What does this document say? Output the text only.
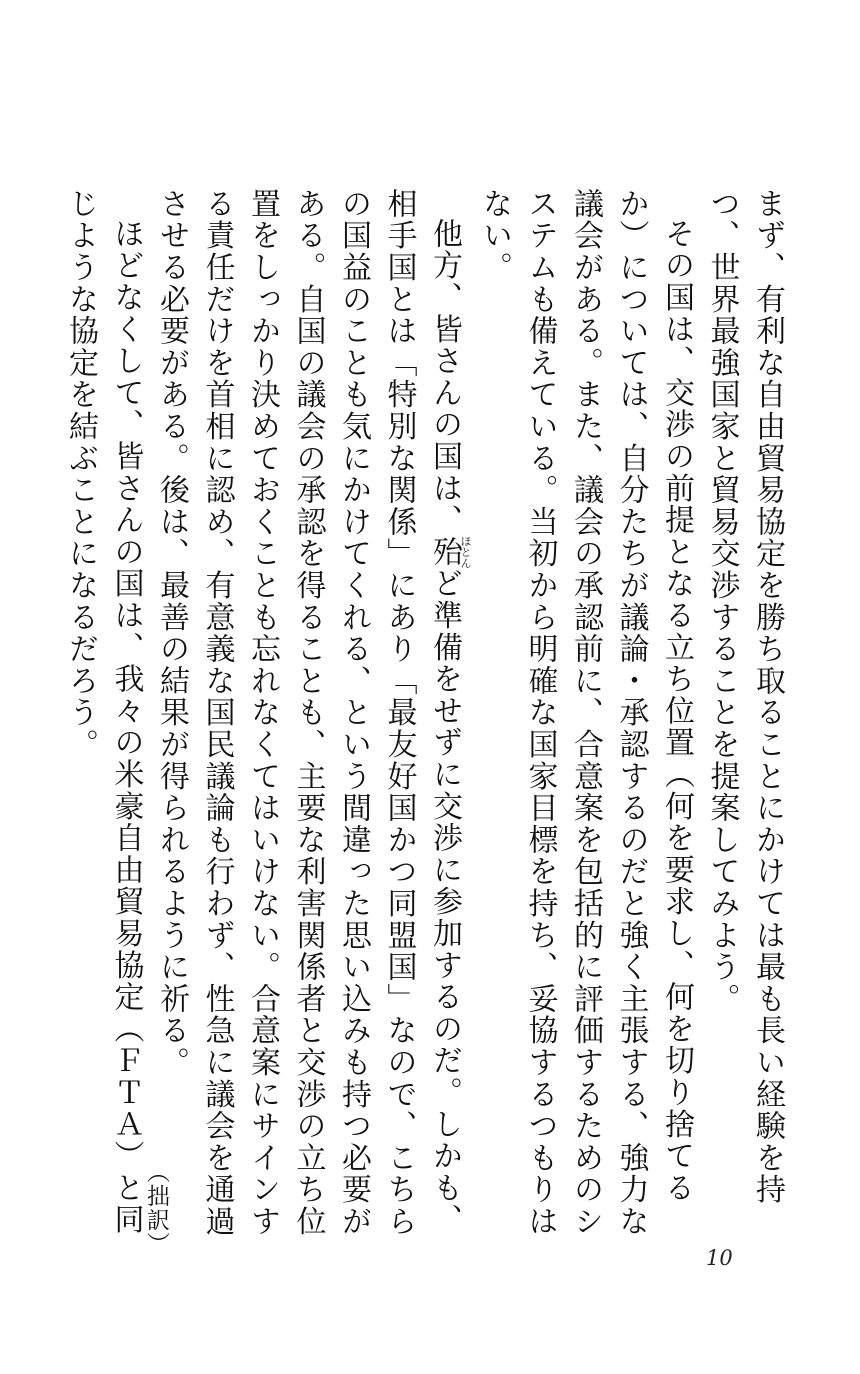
まず、有利な自由貿易協定を勝ち取ることにかけては最も長い経験を持つ、世界最強国家と貿易交渉することを提案してみよう。

その国は、交渉の前提となる立ち位置（何を要求し、何を切り捨てるか）については、自分たちが議論・承認するのだと強く主張する、強力な議会がある。また、議会の承認前に、合意案を包括的に評価するためのシステムも備えている。当初から明確な国家目標を持ち、妥協するつもりはない。

他方、皆さんの国は、殆ほとんど準備をせずに交渉に参加するのだ。しかも、相手国とは「特別な関係」にあり「最友好国かつ同盟国」なので、こちらの国益のことも気にかけてくれる、という間違った思い込みも持つ必要がある。自国の議会の承認を得ることも、主要な利害関係者と交渉の立ち位置をしっかり決めておくことも忘れなくてはいけない。合意案にサインする責任だけを首相に認め、有意義な国民議論も行わず、性急に議会を通過させる必要がある。後は、最善の結果が得られるように祈る。

ほどなくして、皆さんの国は、我々の米豪自由貿易協定（ＦＴＡ）と同じような協定を結ぶことになるだろう。

（拙訳）
10
